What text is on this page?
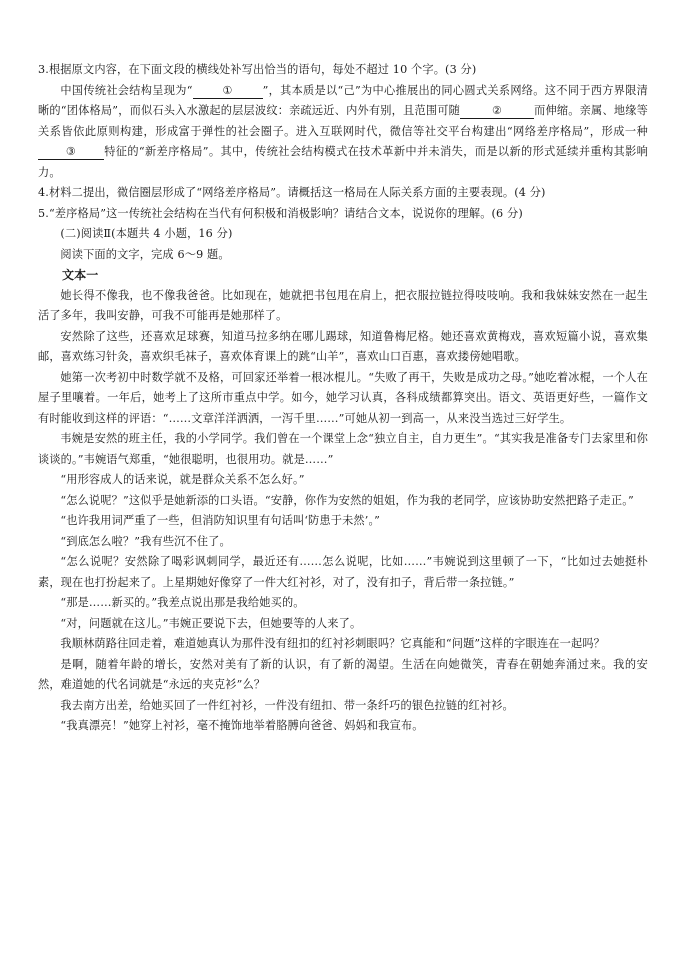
3.根据原文内容，在下面文段的横线处补写出恰当的语句，每处不超过 10 个字。(3 分)

中国传统社会结构呈现为“	①	”，其本质是以“己”为中心推展出的同心圆式关系网络。这不同于西方界限清晰的“团体格局”，而似石头入水激起的层层波纹：亲疏远近、内外有别，且范围可随	②	而伸缩。亲属、地缘等关系皆依此原则构建，形成富于弹性的社会圈子。进入互联网时代，微信等社交平台构建出“网络差序格局”，形成一种③ 特征的“新差序格局”。其中，传统社会结构模式在技术革新中并未消失，而是以新的形式延续并重构其影响力。

4.材料二提出，微信圈层形成了“网络差序格局”。请概括这一格局在人际关系方面的主要表现。(4 分)

5.“差序格局”这一传统社会结构在当代有何积极和消极影响？请结合文本，说说你的理解。(6 分)

(二)阅读Ⅱ(本题共 4 小题，16 分)

阅读下面的文字，完成 6～9 题。

文本一

她长得不像我，也不像我爸爸。比如现在，她就把书包甩在肩上，把衣服拉链拉得吱吱响。我和我妹妹安然在一起生活了多年，我叫安静，可我不可能再是她那样了。

安然除了这些，还喜欢足球赛，知道马拉多纳在哪儿踢球，知道鲁梅尼格。她还喜欢黄梅戏，喜欢短篇小说，喜欢集邮，喜欢练习针灸，喜欢织毛袜子，喜欢体育课上的跳“山羊”，喜欢山口百惠，喜欢搂傍她唱歌。

她第一次考初中时数学就不及格，可回家还举着一根冰棍儿。“失败了再干，失败是成功之母。”她吃着冰棍，一个人在屋子里嚷着。一年后，她考上了这所市重点中学。如今，她学习认真，各科成绩都算突出。语文、英语更好些，一篇作文有时能收到这样的评语：“……文章洋洋洒洒，一泻千里……”可她从初一到高一，从来没当选过三好学生。

韦婉是安然的班主任，我的小学同学。我们曾在一个课堂上念“独立自主，自力更生”。“其实我是准备专门去家里和你谈谈的。”韦婉语气郑重，“她很聪明，也很用功。就是……”

“用形容成人的话来说，就是群众关系不怎么好。”

“怎么说呢？”这似乎是她新添的口头语。“安静，你作为安然的姐姐，作为我的老同学，应该协助安然把路子走正。”

“也许我用词严重了一些，但消防知识里有句话叫‘防患于未然’。”

“到底怎么啦？”我有些沉不住了。

“怎么说呢？安然除了喝彩讽刺同学，最近还有……怎么说呢，比如……”韦婉说到这里顿了一下，“比如过去她挺朴素，现在也打扮起来了。上星期她好像穿了一件大红衬衫，对了，没有扣子，背后带一条拉链。”

“那是……新买的。”我差点说出那是我给她买的。

“对，问题就在这儿。”韦婉正要说下去，但她要等的人来了。

我顺林荫路往回走着，难道她真认为那件没有纽扣的红衬衫刺眼吗？它真能和“问题”这样的字眼连在一起吗？

是啊，随着年龄的增长，安然对美有了新的认识，有了新的渴望。生活在向她微笑，青春在朝她奔涌过来。我的安然，难道她的代名词就是“永远的夹克衫”么？

我去南方出差，给她买回了一件红衬衫，一件没有纽扣、带一条纤巧的银色拉链的红衬衫。

“我真漂亮！”她穿上衬衫，毫不掩饰地举着胳膊向爸爸、妈妈和我宣布。
